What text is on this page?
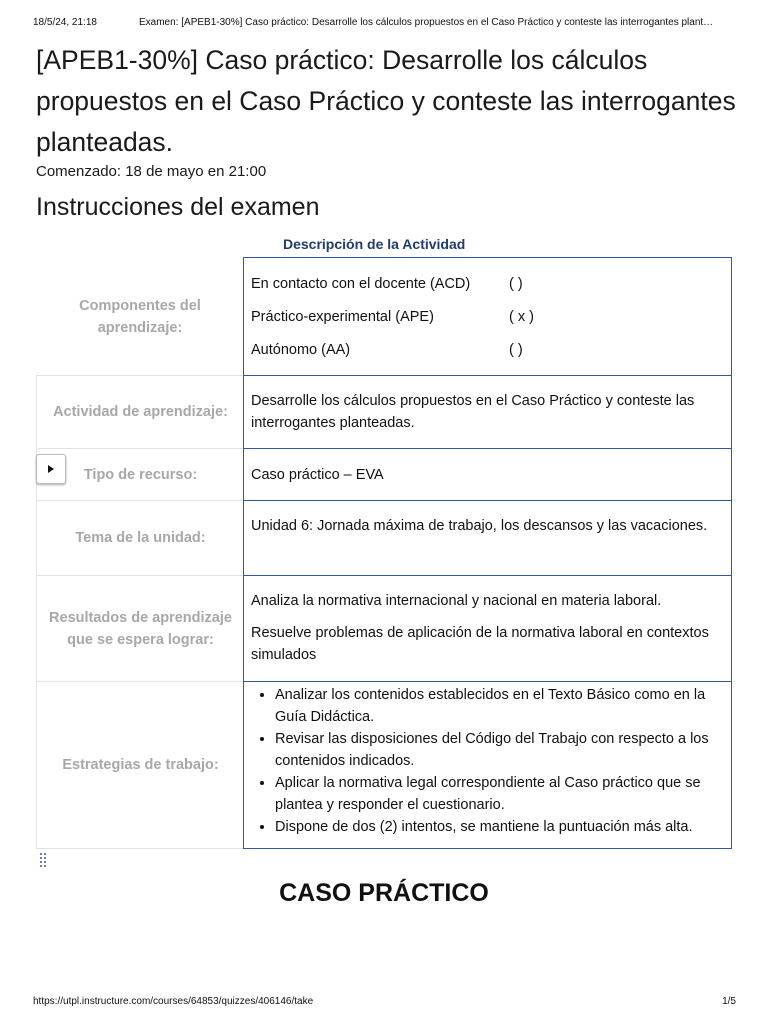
18/5/24, 21:18	Examen: [APEB1-30%] Caso práctico: Desarrolle los cálculos propuestos en el Caso Práctico y conteste las interrogantes plant…
[APEB1-30%] Caso práctico: Desarrolle los cálculos propuestos en el Caso Práctico y conteste las interrogantes planteadas.
Comenzado: 18 de mayo en 21:00
Instrucciones del examen
Descripción de la Actividad
Componentes del aprendizaje:
En contacto con el docente (ACD)	( )
Práctico-experimental (APE)	( x )
Autónomo (AA)	( )
Actividad de aprendizaje:
Desarrolle los cálculos propuestos en el Caso Práctico y conteste las interrogantes planteadas.
Tipo de recurso:	Caso práctico – EVA
Tema de la unidad:
Unidad 6: Jornada máxima de trabajo, los descansos y las vacaciones.
Resultados de aprendizaje que se espera lograr:
Analiza la normativa internacional y nacional en materia laboral.
Resuelve problemas de aplicación de la normativa laboral en contextos simulados
Estrategias de trabajo:
• Analizar los contenidos establecidos en el Texto Básico como en la Guía Didáctica.
• Revisar las disposiciones del Código del Trabajo con respecto a los contenidos indicados.
• Aplicar la normativa legal correspondiente al Caso práctico que se plantea y responder el cuestionario.
• Dispone de dos (2) intentos, se mantiene la puntuación más alta.
CASO PRÁCTICO
https://utpl.instructure.com/courses/64853/quizzes/406146/take	1/5
